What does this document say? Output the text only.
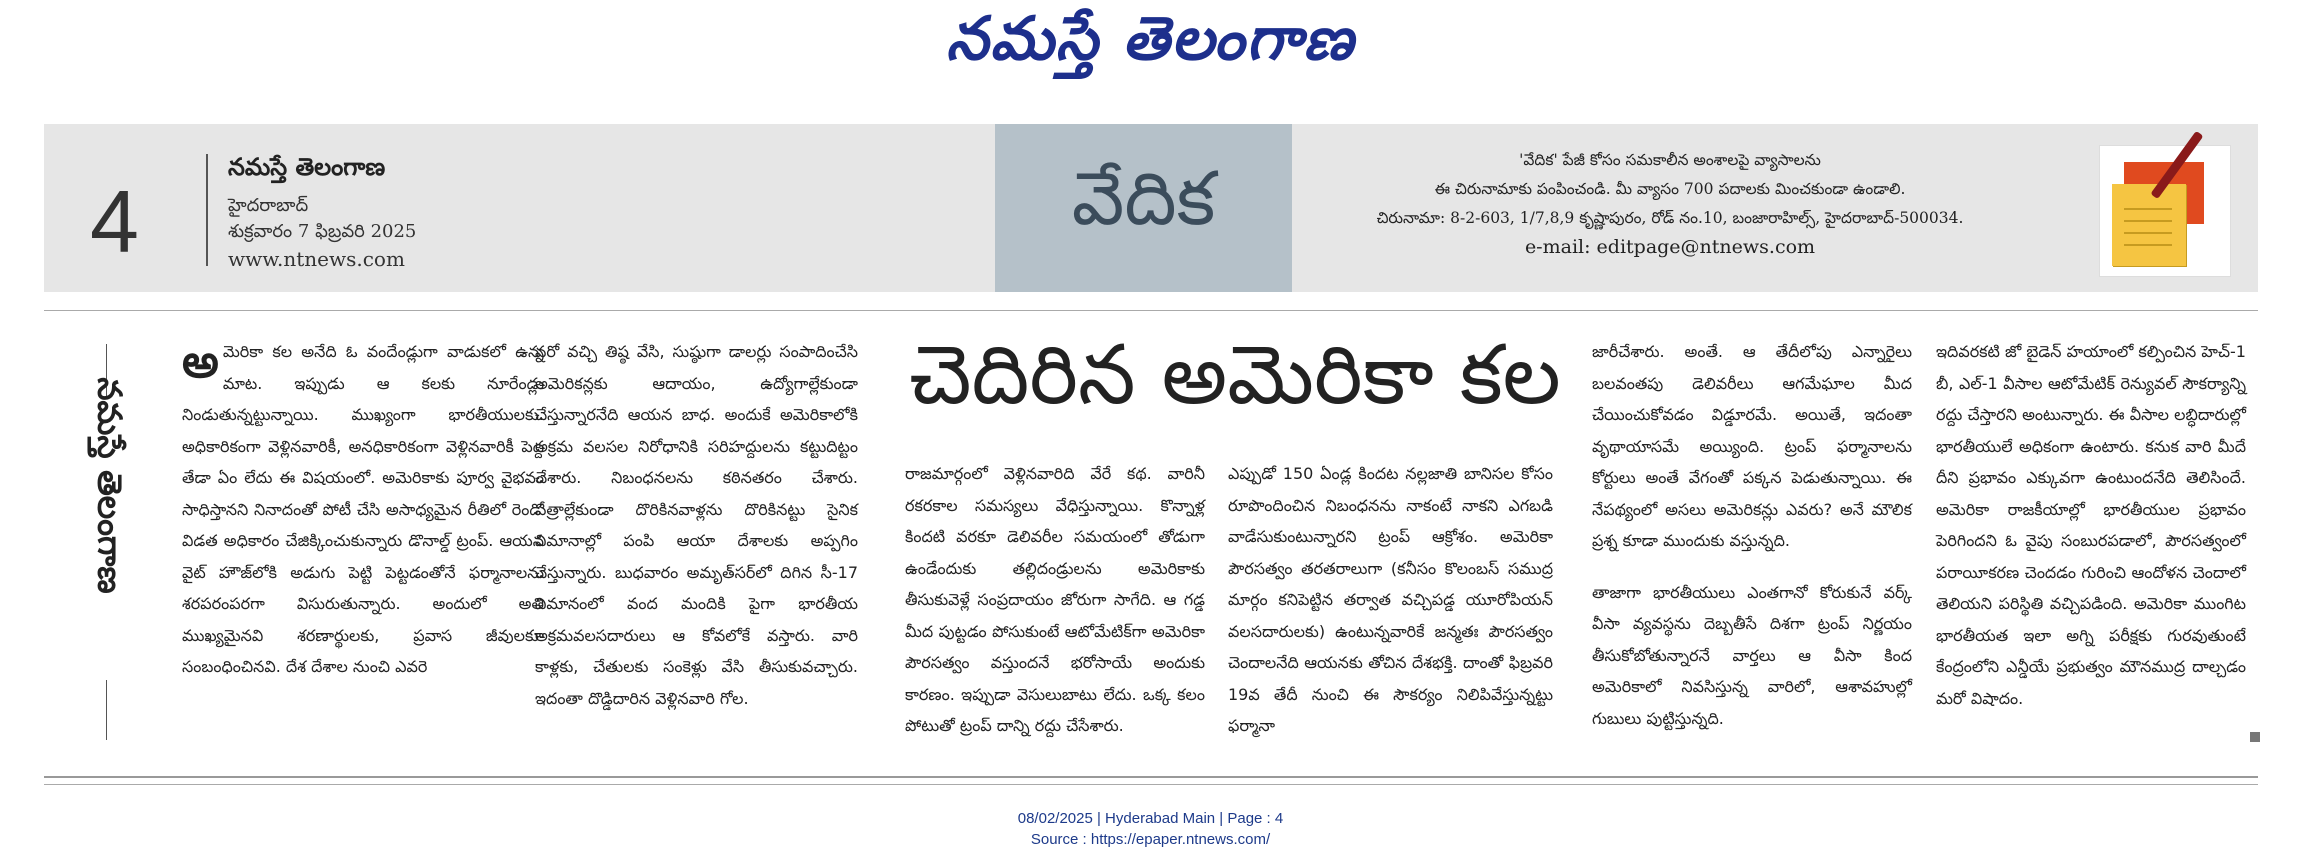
నమస్తే తెలంగాణ
4
నమస్తే తెలంగాణ
హైదరాబాద్
శుక్రవారం 7 ఫిబ్రవరి 2025
www.ntnews.com
వేదిక	'వేదిక' పేజీ కోసం సమకాలీన అంశాలపై వ్యాసాలను
ఈ చిరునామాకు పంపించండి. మీ వ్యాసం 700 పదాలకు మించకుండా ఉండాలి.
చిరునామా: 8-2-603, 1/7,8,9 కృష్ణాపురం, రోడ్ నం.10, బంజారాహిల్స్, హైదరాబాద్-500034.
e-mail: editpage@ntnews.com
నమస్తే తెలంగాణ

అమెరికా కల అనేది ఓ వందేండ్లుగా వాడుకలో ఉన్న మాట. ఇప్పుడు ఆ కలకు నూరేండ్లు నిండుతున్నట్టున్నాయి. ముఖ్యంగా భారతీయులకు. అధికారికంగా వెళ్లినవారికీ, అనధికారికంగా వెళ్లినవారికీ పెద్ద తేడా ఏం లేదు ఈ విషయంలో. అమెరికాకు పూర్వ వైభవం సాధిస్తానని నినాదంతో పోటీ చేసి అసాధ్యమైన రీతిలో రెండో విడత అధికారం చేజిక్కించుకున్నారు డొనాల్డ్ ట్రంప్. ఆయన వైట్ హౌజ్‌లోకి అడుగు పెట్టి పెట్టడంతోనే ఫర్మానాలను శరపరంపరగా విసురుతున్నారు. అందులో అతి ముఖ్యమైనవి శరణార్థులకు, ప్రవాస జీవులకూ సంబంధించినవి. దేశ దేశాల నుంచి ఎవరె

వరో వచ్చి తిష్ఠ వేసి, సుష్ఠుగా డాలర్లు సంపాదించేసి అమెరికన్లకు ఆదాయం, ఉద్యోగాల్లేకుండా చేస్తున్నారనేది ఆయన బాధ. అందుకే అమెరికాలోకి అక్రమ వలసల నిరోధానికి సరిహద్దులను కట్టుదిట్టం చేశారు. నిబంధనలను కఠినతరం చేశారు. పత్రాల్లేకుండా దొరికినవాళ్లను దొరికినట్టు సైనిక విమానాల్లో పంపి ఆయా దేశాలకు అప్పగిం చేస్తున్నారు. బుధవారం అమృత్‌సర్‌లో దిగిన సీ-17 విమానంలో వంద మందికి పైగా భారతీయ అక్రమవలసదారులు ఆ కోవలోకే వస్తారు. వారి కాళ్లకు, చేతులకు సంకెళ్లు వేసి తీసుకువచ్చారు. ఇదంతా దొడ్డిదారిన వెళ్లినవారి గోల.

చెదిరిన అమెరికా కల

రాజమార్గంలో వెళ్లినవారిది వేరే కథ. వారినీ రకరకాల సమస్యలు వేధిస్తున్నాయి. కొన్నాళ్ల కిందటి వరకూ డెలివరీల సమయంలో తోడుగా ఉండేందుకు తల్లిదండ్రులను అమెరికాకు తీసుకువెళ్లే సంప్రదాయం జోరుగా సాగేది. ఆ గడ్డ మీద పుట్టడం పోసుకుంటే ఆటోమేటిక్‌గా అమెరికా పౌరసత్వం వస్తుందనే భరోసాయే అందుకు కారణం. ఇప్పుడా వెసులుబాటు లేదు. ఒక్క కలం పోటుతో ట్రంప్ దాన్ని రద్దు చేసేశారు.

ఎప్పుడో 150 ఏండ్ల కిందట నల్లజాతి బానిసల కోసం రూపొందించిన నిబంధనను నాకంటే నాకని ఎగబడి వాడేసుకుంటున్నారని ట్రంప్ ఆక్రోశం. అమెరికా పౌరసత్వం తరతరాలుగా (కనీసం కొలంబస్ సముద్ర మార్గం కనిపెట్టిన తర్వాత వచ్చిపడ్డ యూరోపియన్ వలసదారులకు) ఉంటున్నవారికే జన్మతః పౌరసత్వం చెందాలనేది ఆయనకు తోచిన దేశభక్తి. దాంతో ఫిబ్రవరి 19వ తేదీ నుంచి ఈ సౌకర్యం నిలిపివేస్తున్నట్టు ఫర్మానా

జారీచేశారు. అంతే. ఆ తేదీలోపు ఎన్నారైలు బలవంతపు డెలివరీలు ఆగమేఘాల మీద చేయించుకోవడం విడ్డూరమే. అయితే, ఇదంతా వృథాయాసమే అయ్యింది. ట్రంప్ ఫర్మానాలను కోర్టులు అంతే వేగంతో పక్కన పెడుతున్నాయి. ఈ నేపథ్యంలో అసలు అమెరికన్లు ఎవరు? అనే మౌలిక ప్రశ్న కూడా ముందుకు వస్తున్నది.

తాజాగా భారతీయులు ఎంతగానో కోరుకునే వర్క్ వీసా వ్యవస్థను దెబ్బతీసే దిశగా ట్రంప్ నిర్ణయం తీసుకోబోతున్నారనే వార్తలు ఆ వీసా కింద అమెరికాలో నివసిస్తున్న వారిలో, ఆశావహుల్లో గుబులు పుట్టిస్తున్నది.

ఇదివరకటి జో బైడెన్ హయాంలో కల్పించిన హెచ్-1 బీ, ఎల్-1 వీసాల ఆటోమేటిక్ రెన్యువల్ సౌకర్యాన్ని రద్దు చేస్తారని అంటున్నారు. ఈ వీసాల లబ్ధిదారుల్లో భారతీయులే అధికంగా ఉంటారు. కనుక వారి మీదే దీని ప్రభావం ఎక్కువగా ఉంటుందనేది తెలిసిందే. అమెరికా రాజకీయాల్లో భారతీయుల ప్రభావం పెరిగిందని ఓ వైపు సంబురపడాలో, పౌరసత్వంలో పరాయీకరణ చెందడం గురించి ఆందోళన చెందాలో తెలియని పరిస్థితి వచ్చిపడింది. అమెరికా ముంగిట భారతీయత ఇలా అగ్ని పరీక్షకు గురవుతుంటే కేంద్రంలోని ఎన్డీయే ప్రభుత్వం మౌనముద్ర దాల్చడం మరో విషాదం.

08/02/2025 | Hyderabad Main | Page : 4
Source : https://epaper.ntnews.com/
